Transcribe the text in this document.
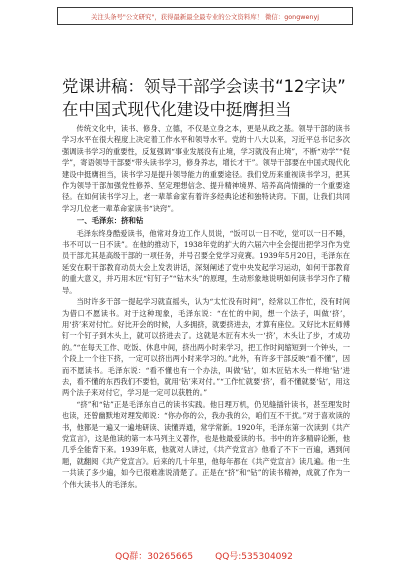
关注头条号"公文研究"，获得最新最全最专业的公文资料库！ 微信：gongwenyj
党课讲稿：领导干部学会读书“12字诀”
在中国式现代化建设中挺膺担当

传统文化中，读书、修身、立德，不仅是立身之本，更是从政之基。领导干部的读书学习水平在很大程度上决定着工作水平和领导水平。党的十八大以来，习近平总书记多次强调读书学习的重要性，反复强调“事业发展没有止境，学习就没有止境”，不断“劝学”“促学”，寄语领导干部要“带头读书学习，修身养志，增长才干”。领导干部要在中国式现代化建设中挺膺担当，读书学习是提升领导能力的重要途径。我们党历来重视读书学习，把其作为领导干部加强党性修养、坚定理想信念、提升精神境界、培养高尚情操的一个重要途径。在如何读书学习上，老一辈革命家有着许多经典论述和独特诀窍。下面，让我们共同学习几位老一辈革命家读书“诀窍”。

一、毛泽东：挤和钻

毛泽东终身酷爱读书，他常对身边工作人员说，“饭可以一日不吃，觉可以一日不睡，书不可以一日不读”。在他的推动下，1938年党的扩大的六届六中全会提出把学习作为党员干部尤其是高级干部的一项任务，并号召要全党学习竞赛。1939年5月20日，毛泽东在延安在职干部教育动员大会上发表讲话，深刻阐述了党中央发起学习运动，如何干部教育的重大意义，并巧用木匠“钉钉子”“钻木头”的原理，生动形象地说明如何读书学习作了精导。

当时许多干部一提起学习就直摇头，认为“太忙没有时间”，经常以工作忙，没有时间为借口不愿读书。对于这种现象，毛泽东说：“在忙的中间，想一个法子，叫做‘挤’，用‘挤’来对付忙。好比开会的时候，人多拥挤，就要挤进去，才算有座位。又好比木匠师傅钉一个钉子到木头上，就可以挤进去了。这就是木匠有木头一‘挤’，木头让了步，才成功的。”“在每天工作、吃饭、休息中间，挤出两小时来学习，把工作时间缩短到一个钟头，一个段上一个往下挤，一定可以挤出两小时来学习的。”此外，有许多干部反映“看不懂”，因而不愿读书。毛泽东说：“看不懂也有一个办法，叫做‘钻’，如木匠钻木头一样地‘钻’进去，看不懂的东西我们不要怕，就用‘钻’来对付。”“工作忙就要‘挤’，看不懂就要‘钻’，用这两个法子来对付它，学习是一定可以获胜的。”

“挤”和“钻”正是毛泽东自己的读书实践。他日理万机，仍见缝插针读书，甚至理发时也读，还曾幽默地对理发师说：“你办你的公，我办我的公，咱们互不干扰。”对于喜欢读的书，他都是一遍又一遍地研读、读懂弄通，常学常新。1920年，毛泽东第一次读到《共产党宣言》，这是他读的第一本马列主义著作，也是他最爱读的书。书中的许多精辟论断，他几乎全能背下来。1939年底，他就对人讲过，《共产党宣言》他看了不下一百遍，遇到问题，就翻阅《共产党宣言》。后来的几十年里，他每年都在《共产党宣言》读几遍。他一生一共读了多少遍，如今已很难准说清楚了。正是在“挤”和“钻”的读书精神，成就了作为一个伟大读书人的毛泽东。

QQ群：30265665 QQ号:535304092
